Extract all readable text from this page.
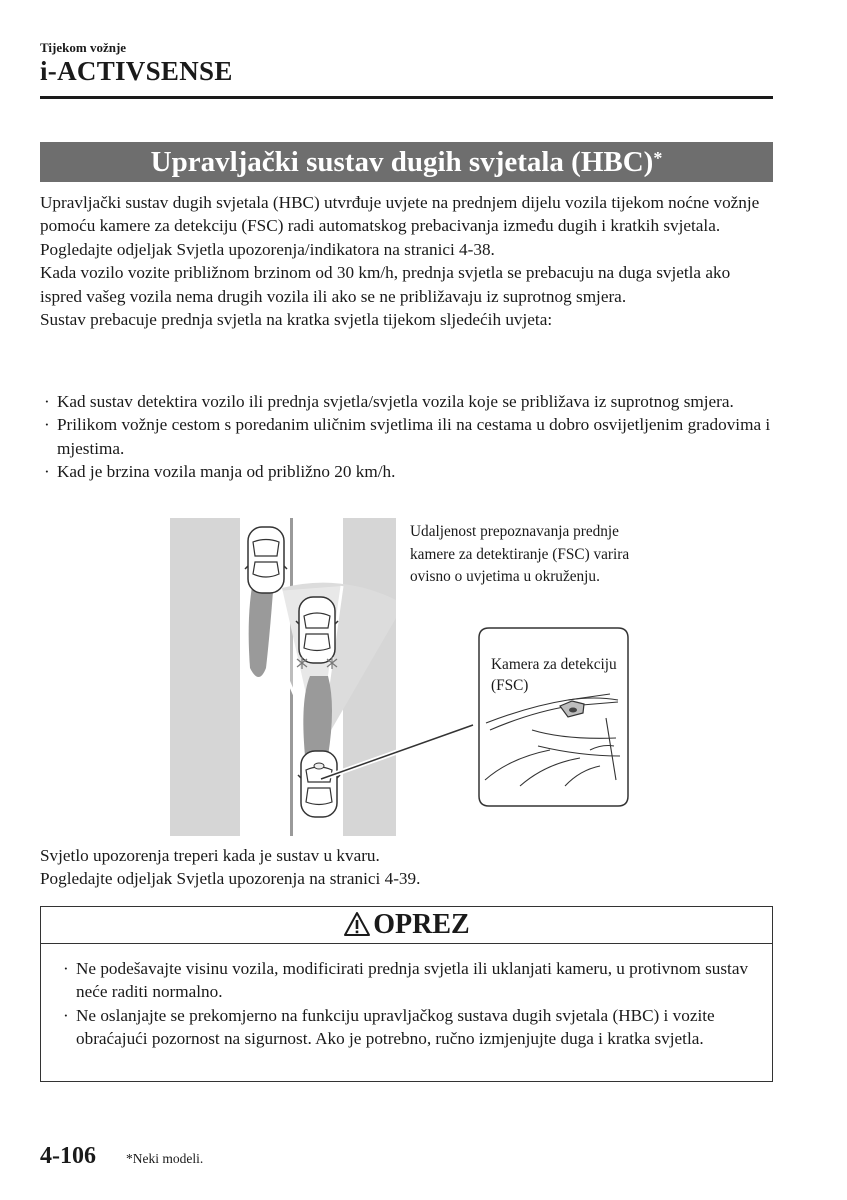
Tijekom vožnje
i-ACTIVSENSE
Upravljački sustav dugih svjetala (HBC)*

Upravljački sustav dugih svjetala (HBC) utvrđuje uvjete na prednjem dijelu vozila tijekom noćne vožnje pomoću kamere za detekciju (FSC) radi automatskog prebacivanja između dugih i kratkih svjetala.

Pogledajte odjeljak Svjetla upozorenja/indikatora na stranici 4-38.

Kada vozilo vozite približnom brzinom od 30 km/h, prednja svjetla se prebacuju na duga svjetla ako ispred vašeg vozila nema drugih vozila ili ako se ne približavaju iz suprotnog smjera.

Sustav prebacuje prednja svjetla na kratka svjetla tijekom sljedećih uvjeta:

· Kad sustav detektira vozilo ili prednja svjetla/svjetla vozila koje se približava iz suprotnog smjera.
· Prilikom vožnje cestom s poredanim uličnim svjetlima ili na cestama u dobro osvijetljenim gradovima i mjestima.
· Kad je brzina vozila manja od približno 20 km/h.
Udaljenost prepoznavanja prednje kamere za detektiranje (FSC) varira ovisno o uvjetima u okruženju.
Kamera za detekciju (FSC)

Svjetlo upozorenja treperi kada je sustav u kvaru.

Pogledajte odjeljak Svjetla upozorenja na stranici 4-39.

OPREZ
· Ne podešavajte visinu vozila, modificirati prednja svjetla ili uklanjati kameru, u protivnom sustav neće raditi normalno.
· Ne oslanjajte se prekomjerno na funkciju upravljačkog sustava dugih svjetala (HBC) i vozite obraćajući pozornost na sigurnost. Ako je potrebno, ručno izmjenjujte duga i kratka svjetla.
4-106 *Neki modeli.
